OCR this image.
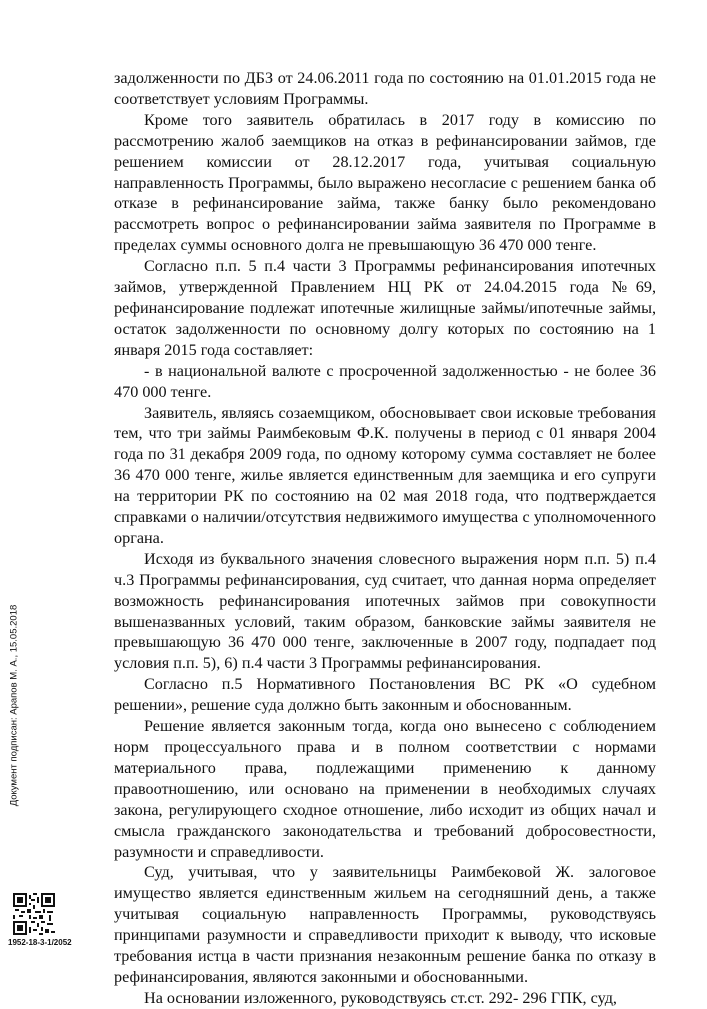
задолженности по ДБЗ от 24.06.2011 года по состоянию на 01.01.2015 года не соответствует условиям Программы.

Кроме того заявитель обратилась в 2017 году в комиссию по рассмотрению жалоб заемщиков на отказ в рефинансировании займов, где решением комиссии от 28.12.2017 года, учитывая социальную направленность Программы, было выражено несогласие с решением банка об отказе в рефинансирование займа, также банку было рекомендовано рассмотреть вопрос о рефинансировании займа заявителя по Программе в пределах суммы основного долга не превышающую 36 470 000 тенге.

Согласно п.п. 5 п.4 части 3 Программы рефинансирования ипотечных займов, утвержденной Правлением НЦ РК от 24.04.2015 года №69, рефинансирование подлежат ипотечные жилищные займы/ипотечные займы, остаток задолженности по основному долгу которых по состоянию на 1 января 2015 года составляет:

- в национальной валюте с просроченной задолженностью - не более 36 470 000 тенге.

Заявитель, являясь созаемщиком, обосновывает свои исковые требования тем, что три займы Раимбековым Ф.К. получены в период с 01 января 2004 года по 31 декабря 2009 года, по одному которому сумма составляет не более 36 470 000 тенге, жилье является единственным для заемщика и его супруги на территории РК по состоянию на 02 мая 2018 года, что подтверждается справками о наличии/отсутствия недвижимого имущества с уполномоченного органа.

Исходя из буквального значения словесного выражения норм п.п. 5) п.4 ч.3 Программы рефинансирования, суд считает, что данная норма определяет возможность рефинансирования ипотечных займов при совокупности вышеназванных условий, таким образом, банковские займы заявителя не превышающую 36 470 000 тенге, заключенные в 2007 году, подпадает под условия п.п. 5), 6) п.4 части 3 Программы рефинансирования.

Согласно п.5 Нормативного Постановления ВС РК «О судебном решении», решение суда должно быть законным и обоснованным.

Решение является законным тогда, когда оно вынесено с соблюдением норм процессуального права и в полном соответствии с нормами материального права, подлежащими применению к данному правоотношению, или основано на применении в необходимых случаях закона, регулирующего сходное отношение, либо исходит из общих начал и смысла гражданского законодательства и требований добросовестности, разумности и справедливости.

Суд, учитывая, что у заявительницы Раимбековой Ж. залоговое имущество является единственным жильем на сегодняшний день, а также учитывая социальную направленность Программы, руководствуясь принципами разумности и справедливости приходит к выводу, что исковые требования истца в части признания незаконным решение банка по отказу в рефинансирования, являются законными и обоснованными.

На основании изложенного, руководствуясь ст.ст. 292- 296 ГПК, суд,

Документ подписан: Арапов М. А., 15.05.2018
1952-18-3-1/2052
